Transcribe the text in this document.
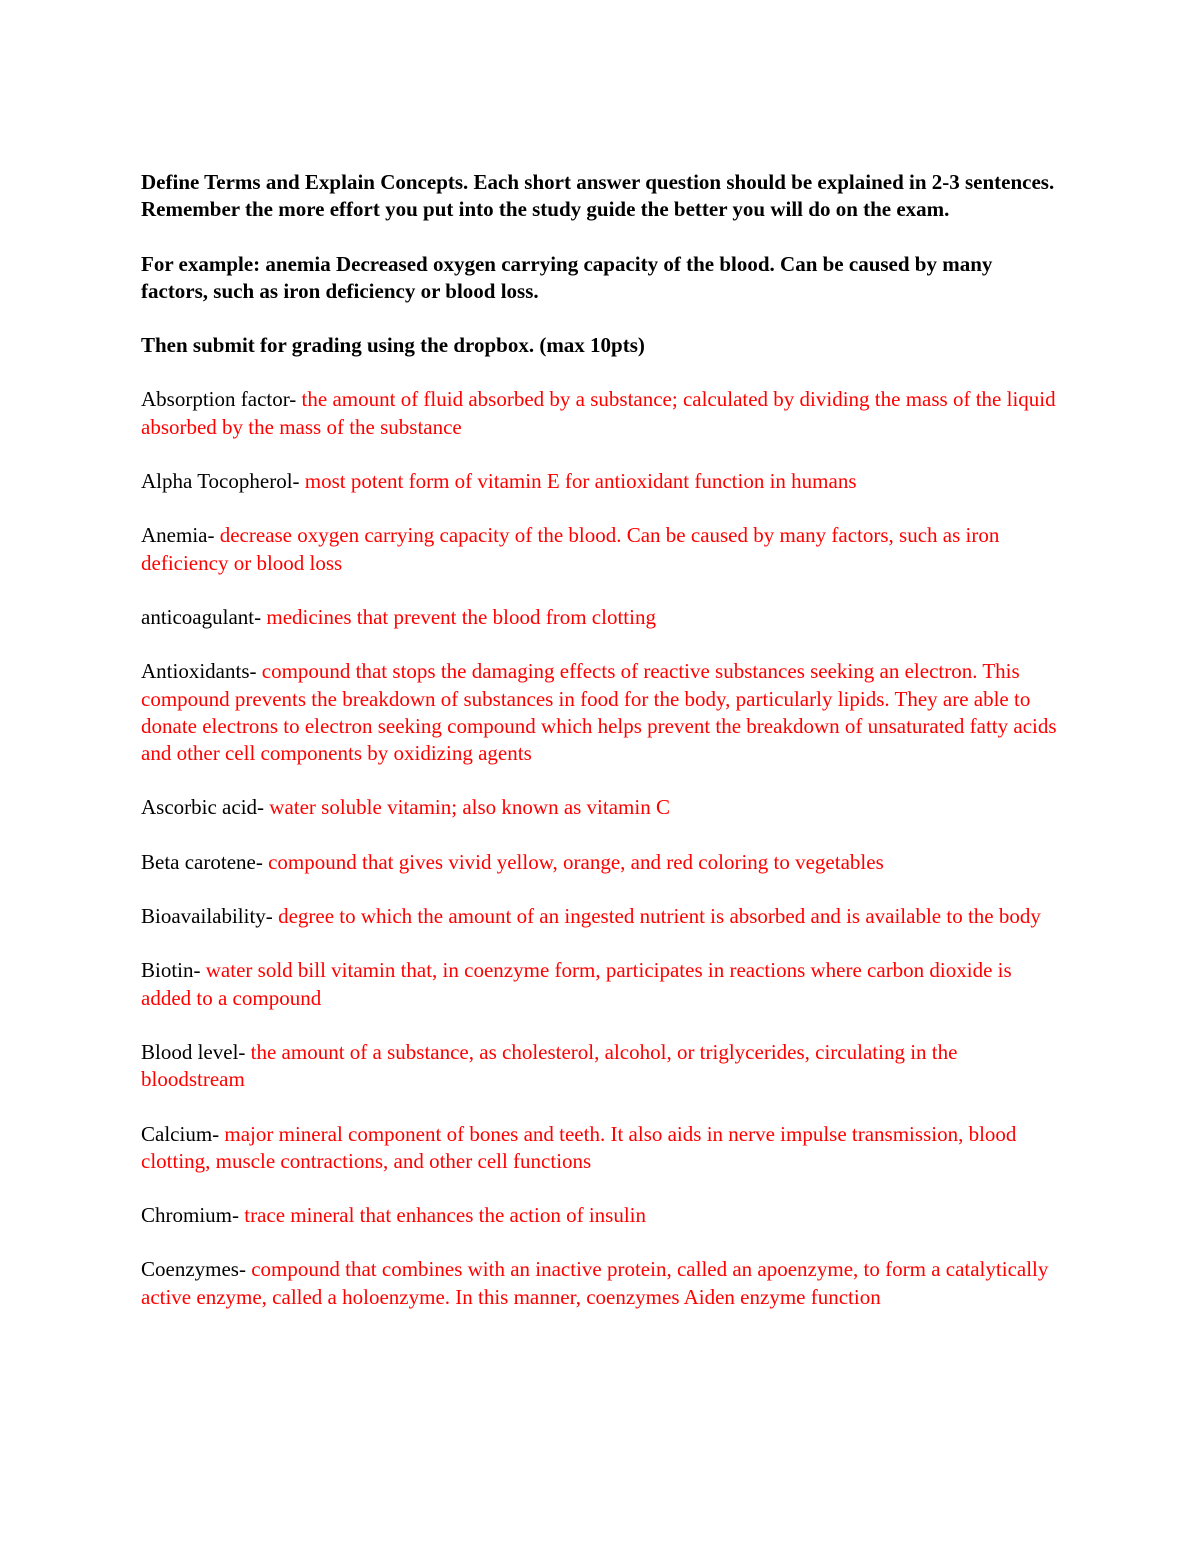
Define Terms and Explain Concepts. Each short answer question should be explained in 2-3 sentences. Remember the more effort you put into the study guide the better you will do on the exam.

For example: anemia Decreased oxygen carrying capacity of the blood. Can be caused by many factors, such as iron deficiency or blood loss.

Then submit for grading using the dropbox. (max 10pts)

Absorption factor- the amount of fluid absorbed by a substance; calculated by dividing the mass of the liquid absorbed by the mass of the substance

Alpha Tocopherol- most potent form of vitamin E for antioxidant function in humans

Anemia- decrease oxygen carrying capacity of the blood. Can be caused by many factors, such as iron deficiency or blood loss

anticoagulant- medicines that prevent the blood from clotting

Antioxidants- compound that stops the damaging effects of reactive substances seeking an electron. This compound prevents the breakdown of substances in food for the body, particularly lipids. They are able to donate electrons to electron seeking compound which helps prevent the breakdown of unsaturated fatty acids and other cell components by oxidizing agents

Ascorbic acid- water soluble vitamin; also known as vitamin C

Beta carotene- compound that gives vivid yellow, orange, and red coloring to vegetables

Bioavailability- degree to which the amount of an ingested nutrient is absorbed and is available to the body

Biotin- water sold bill vitamin that, in coenzyme form, participates in reactions where carbon dioxide is added to a compound

Blood level- the amount of a substance, as cholesterol, alcohol, or triglycerides, circulating in the bloodstream

Calcium- major mineral component of bones and teeth. It also aids in nerve impulse transmission, blood clotting, muscle contractions, and other cell functions

Chromium- trace mineral that enhances the action of insulin

Coenzymes- compound that combines with an inactive protein, called an apoenzyme, to form a catalytically active enzyme, called a holoenzyme. In this manner, coenzymes Aiden enzyme function
